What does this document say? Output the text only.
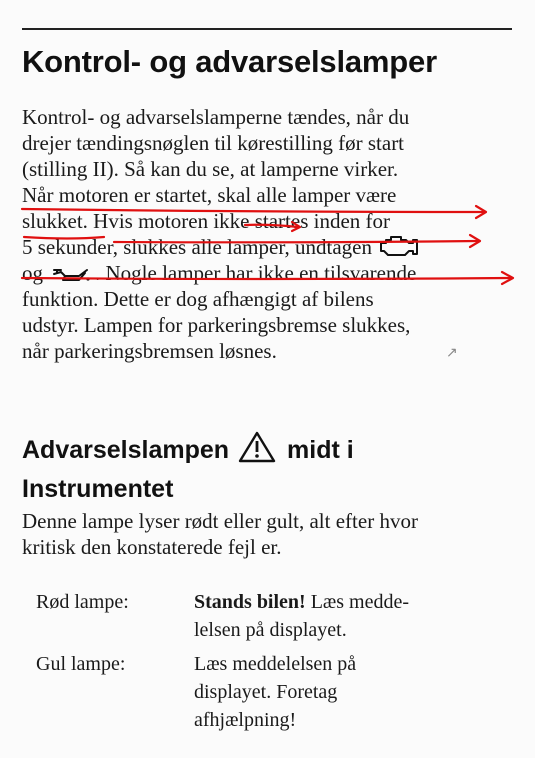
Kontrol- og advarselslamper
Kontrol- og advarselslamperne tændes, når du
drejer tændingsnøglen til kørestilling før start
(stilling II). Så kan du se, at lamperne virker.
Når motoren er startet, skal alle lamper være
slukket. Hvis motoren ikke startes inden for
5 sekunder, slukkes alle lamper, undtagen
og . Nogle lamper har ikke en tilsvarende
funktion. Dette er dog afhængigt af bilens
udstyr. Lampen for parkeringsbremse slukkes,
når parkeringsbremsen løsnes.	↗
Advarselslampen midt i
Instrumentet
Denne lampe lyser rødt eller gult, alt efter hvor
kritisk den konstaterede fejl er.
Rød lampe:	Stands bilen! Læs medde-
lelsen på displayet.
Gul lampe:	Læs meddelelsen på
displayet. Foretag
afhjælpning!
